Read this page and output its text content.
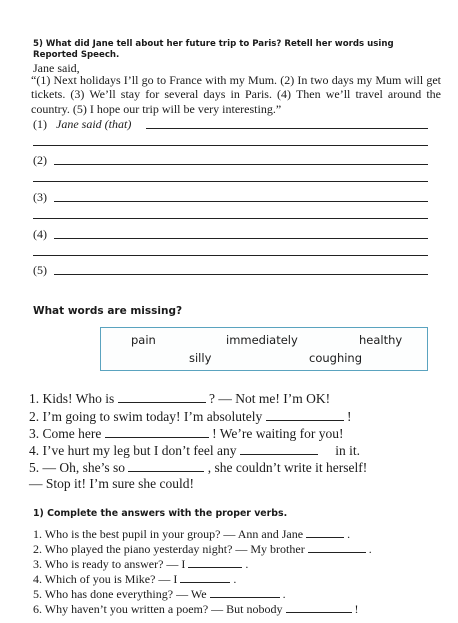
5) What did Jane tell about her future trip to Paris? Retell her words using Reported Speech.
Jane said,
“(1) Next holidays I’ll go to France with my Mum. (2) In two days my Mum will get tickets. (3) We’ll stay for several days in Paris. (4) Then we’ll travel around the country. (5) I hope our trip will be very interesting.”
(1) Jane said (that)
(2)
(3)
(4)
(5)
What words are missing?
pain	immediately	healthy
silly	coughing
1. Kids! Who is	? — Not me! I’m OK!
2. I’m going to swim today! I’m absolutely	!
3. Come here	! We’re waiting for you!
4. I’ve hurt my leg but I don’t feel any	in it.
5. — Oh, she’s so	, she couldn’t write it herself!
— Stop it! I’m sure she could!
1) Complete the answers with the proper verbs.
1. Who is the best pupil in your group? — Ann and Jane	.
2. Who played the piano yesterday night? — My brother	.
3. Who is ready to answer? — I	.
4. Which of you is Mike? — I	.
5. Who has done everything? — We	.
6. Why haven’t you written a poem? — But nobody	!
